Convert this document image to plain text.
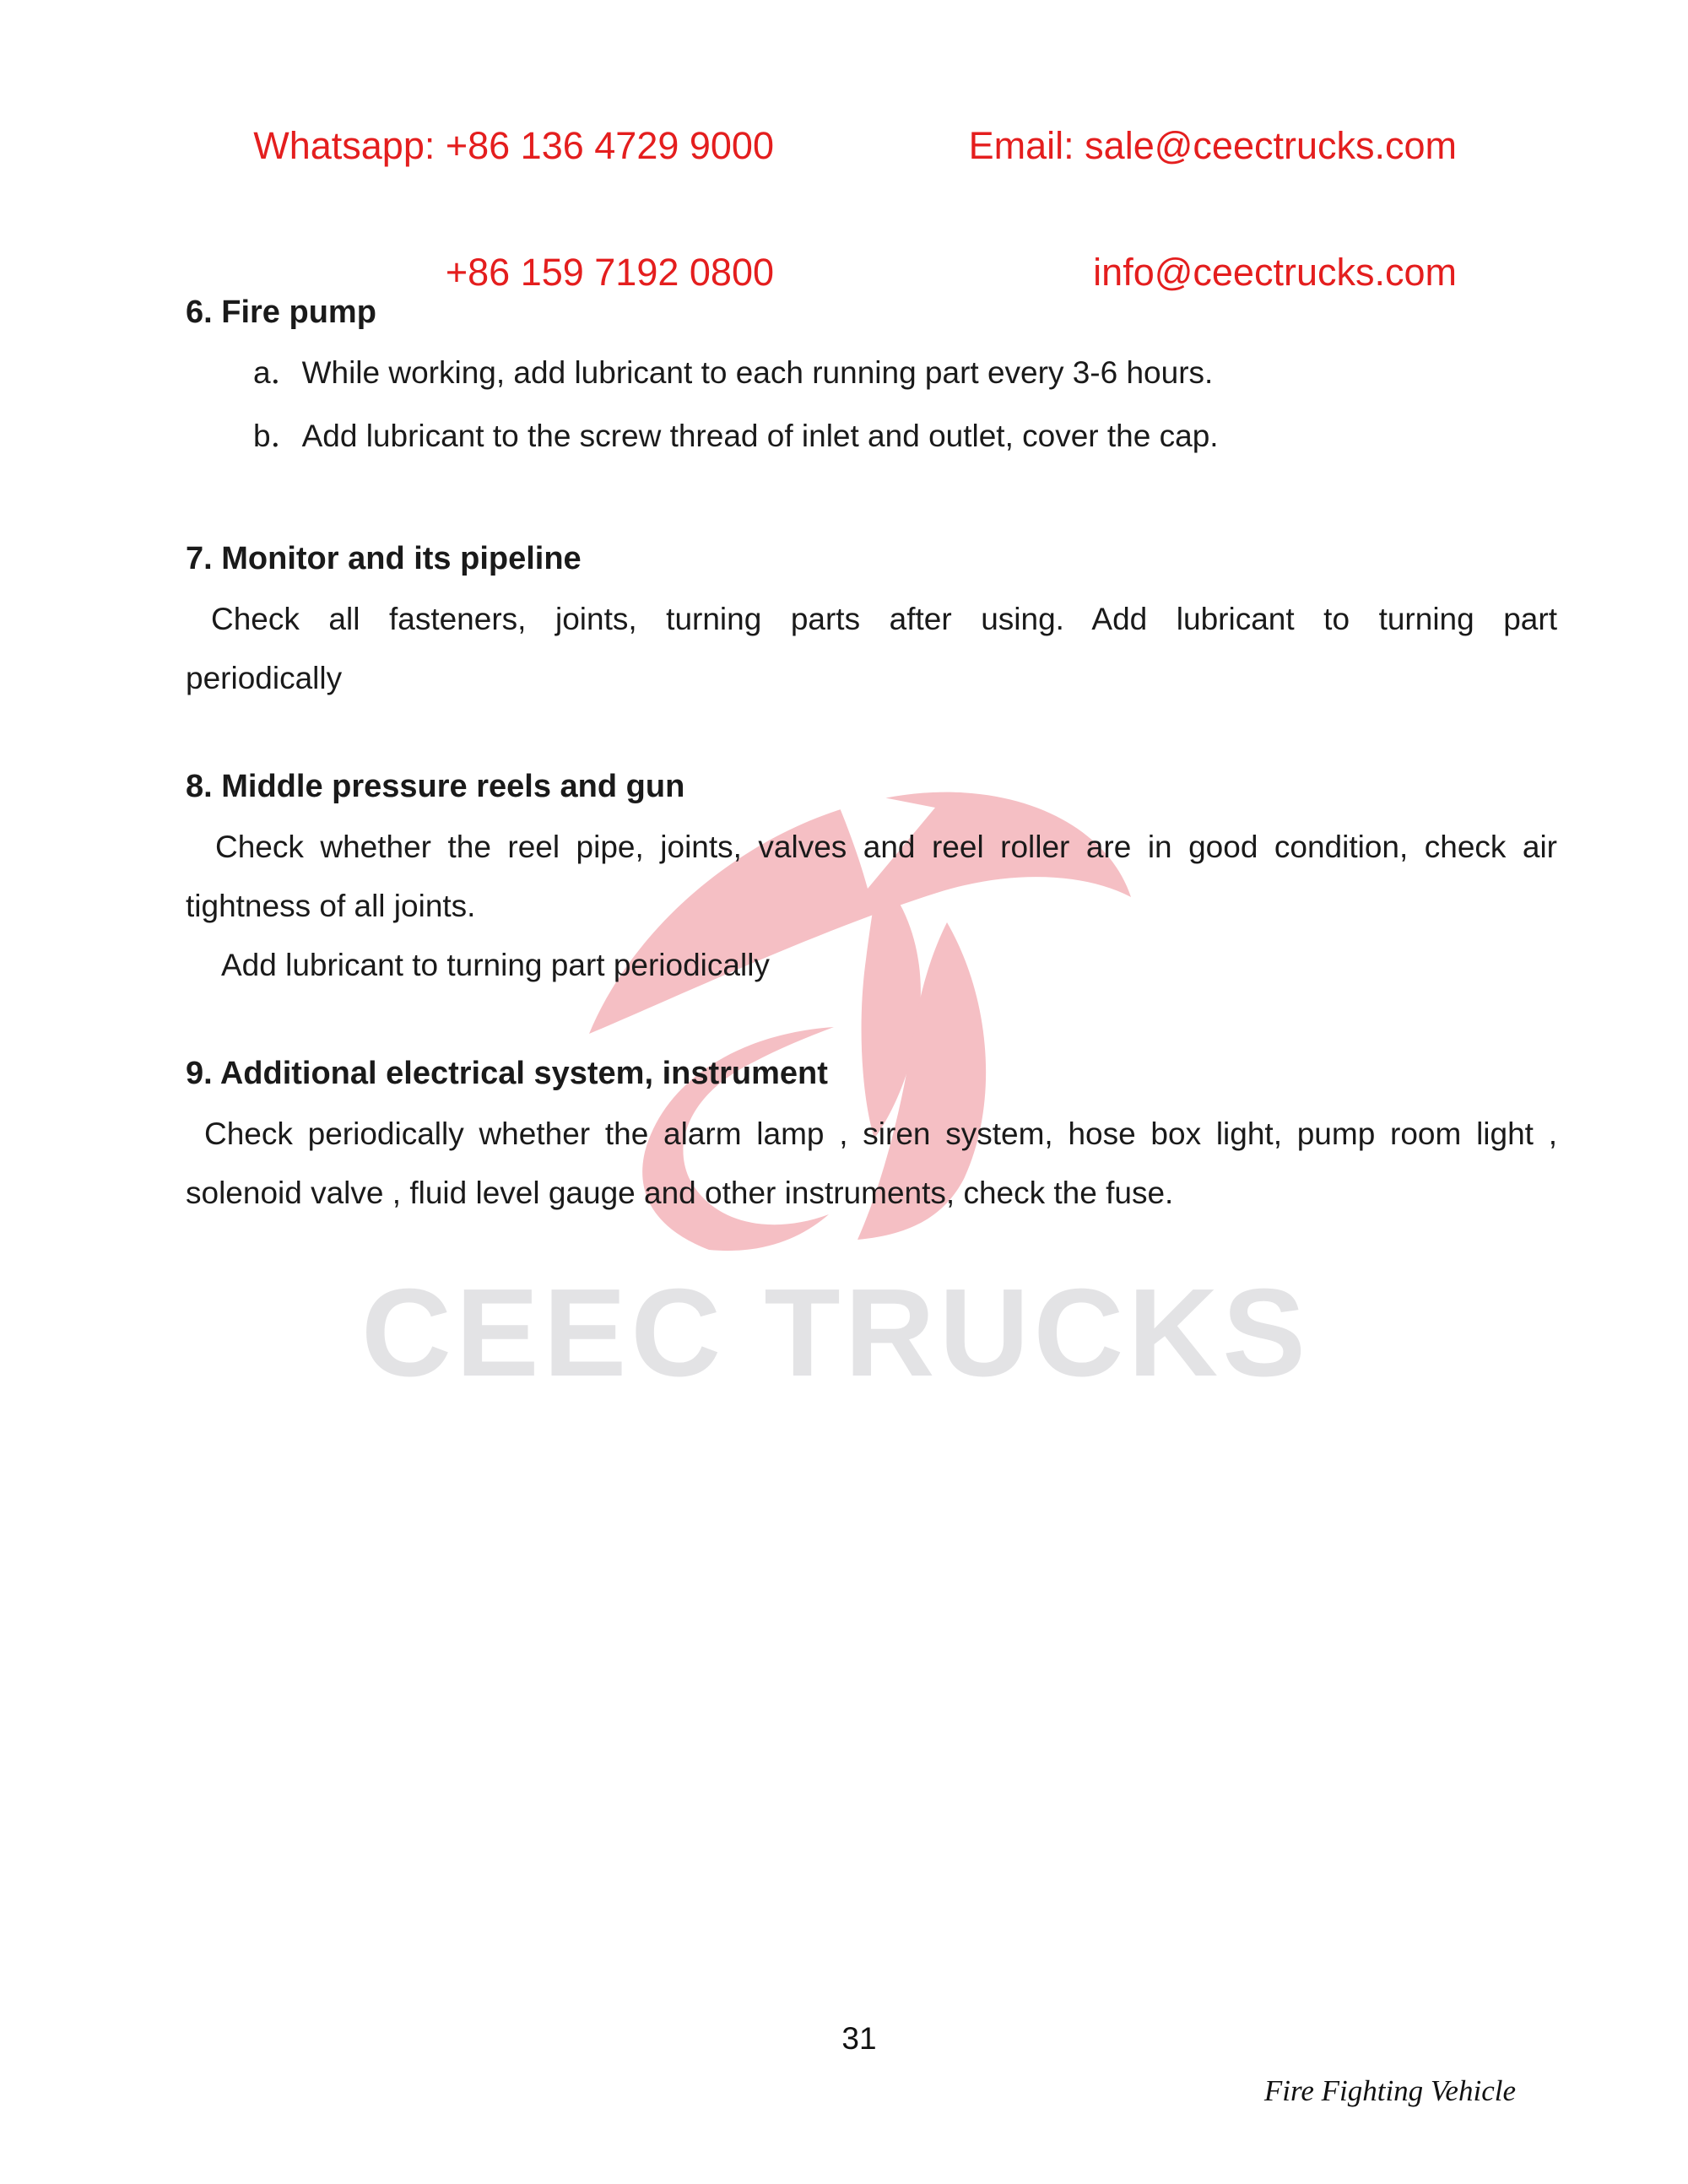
CEEC TRUCKS

Whatsapp: +86 136 4729 9000

+86 159 7192 0800

Email: sale@ceectrucks.com

info@ceectrucks.com

6. Fire pump
a．While working, add lubricant to each running part every 3-6 hours.
b．Add lubricant to the screw thread of inlet and outlet, cover the cap.
7. Monitor and its pipeline
Check all fasteners, joints, turning parts after using. Add lubricant to turning part
periodically
8. Middle pressure reels and gun
Check whether the reel pipe, joints, valves and reel roller are in good condition, check air
tightness of all joints.
Add lubricant to turning part periodically
9. Additional electrical system, instrument
Check periodically whether the alarm lamp , siren system, hose box light, pump room light ,
solenoid valve , fluid level gauge and other instruments, check the fuse.
31
Fire Fighting Vehicle
